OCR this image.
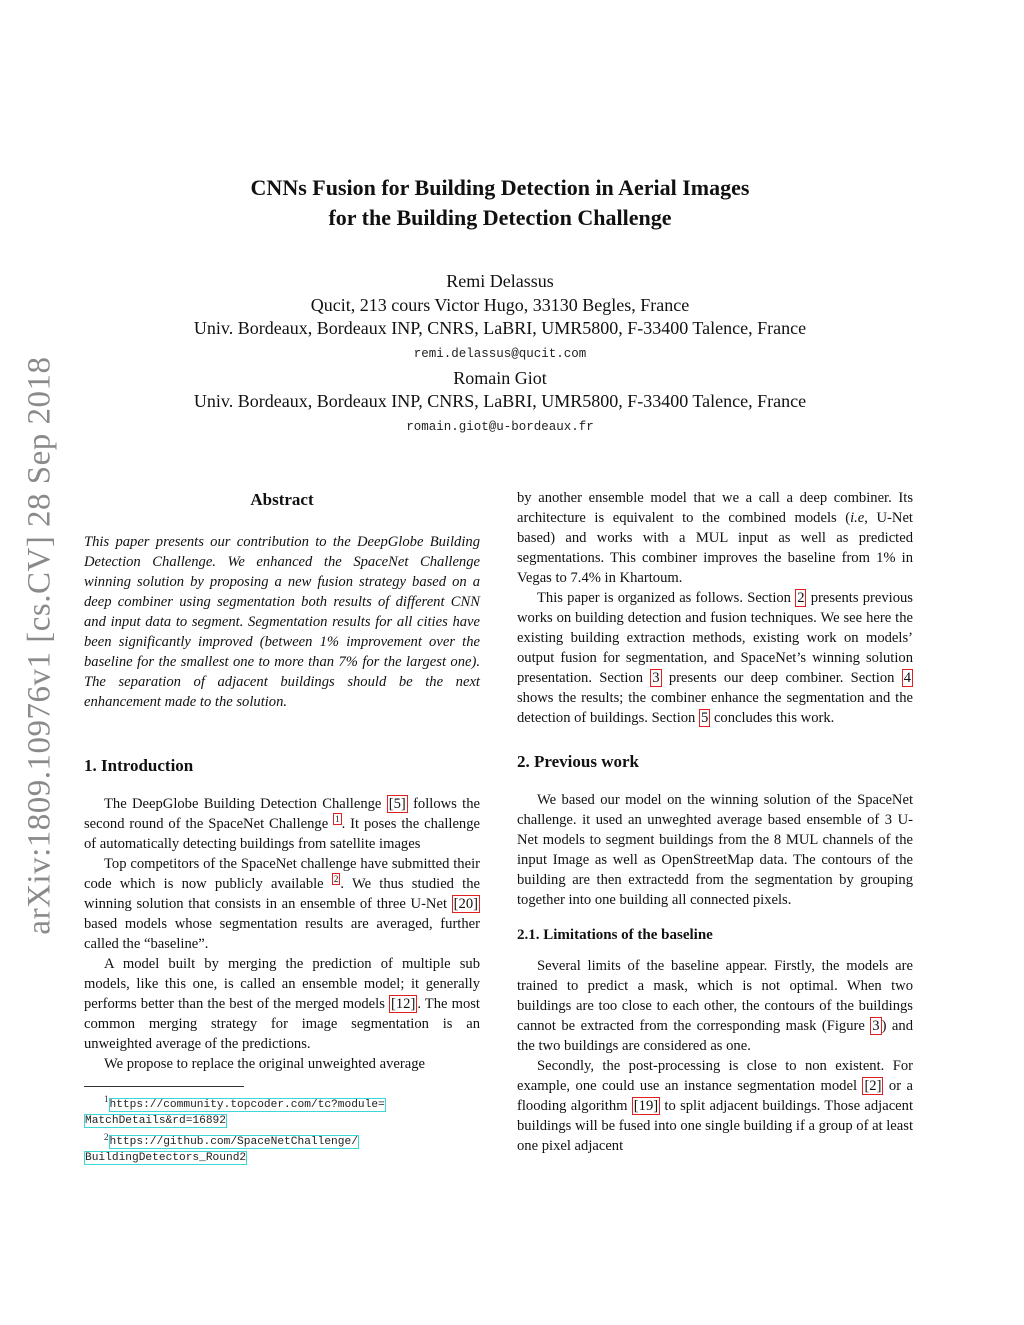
arXiv:1809.10976v1 [cs.CV] 28 Sep 2018
CNNs Fusion for Building Detection in Aerial Images
for the Building Detection Challenge
Remi Delassus
Qucit, 213 cours Victor Hugo, 33130 Begles, France
Univ. Bordeaux, Bordeaux INP, CNRS, LaBRI, UMR5800, F-33400 Talence, France
remi.delassus@qucit.com
Romain Giot
Univ. Bordeaux, Bordeaux INP, CNRS, LaBRI, UMR5800, F-33400 Talence, France
romain.giot@u-bordeaux.fr
Abstract

This paper presents our contribution to the DeepGlobe Building Detection Challenge. We enhanced the SpaceNet Challenge winning solution by proposing a new fusion strategy based on a deep combiner using segmentation both results of different CNN and input data to segment. Segmentation results for all cities have been significantly improved (between 1% improvement over the baseline for the smallest one to more than 7% for the largest one). The separation of adjacent buildings should be the next enhancement made to the solution.

1. Introduction

The DeepGlobe Building Detection Challenge [5] follows the second round of the SpaceNet Challenge $^1$ . It poses the challenge of automatically detecting buildings from satellite images

Top competitors of the SpaceNet challenge have submitted their code which is now publicly available $^2$ . We thus studied the winning solution that consists in an ensemble of three U-Net [20] based models whose segmentation results are averaged, further called the “baseline”.

A model built by merging the prediction of multiple sub models, like this one, is called an ensemble model; it generally performs better than the best of the merged models [12] . The most common merging strategy for image segmentation is an unweighted average of the predictions.

We propose to replace the original unweighted average

$^1$https://community.topcoder.com/tc?module=
MatchDetails&rd=16892
$^2$https://github.com/SpaceNetChallenge/
BuildingDetectors_Round2

by another ensemble model that we a call a deep combiner. Its architecture is equivalent to the combined models (i.e, U-Net based) and works with a MUL input as well as predicted segmentations. This combiner improves the baseline from 1% in Vegas to 7.4% in Khartoum.

This paper is organized as follows. Section 2 presents previous works on building detection and fusion techniques. We see here the existing building extraction methods, existing work on models’ output fusion for segmentation, and SpaceNet’s winning solution presentation. Section 3 presents our deep combiner. Section 4 shows the results; the combiner enhance the segmentation and the detection of buildings. Section 5 concludes this work.

2. Previous work

We based our model on the winning solution of the SpaceNet challenge. it used an unweghted average based ensemble of 3 U-Net models to segment buildings from the 8 MUL channels of the input Image as well as OpenStreetMap data. The contours of the building are then extractedd from the segmentation by grouping together into one building all connected pixels.

2.1. Limitations of the baseline

Several limits of the baseline appear. Firstly, the models are trained to predict a mask, which is not optimal. When two buildings are too close to each other, the contours of the buildings cannot be extracted from the corresponding mask (Figure 3 ) and the two buildings are considered as one.

Secondly, the post-processing is close to non existent. For example, one could use an instance segmentation model [2] or a flooding algorithm [19] to split adjacent buildings. Those adjacent buildings will be fused into one single building if a group of at least one pixel adjacent
